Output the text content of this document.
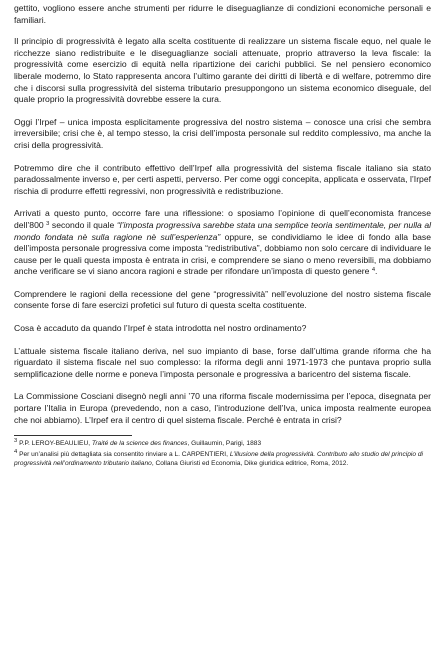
gettito, vogliono essere anche strumenti per ridurre le diseguaglianze di condizioni economiche personali e familiari.

Il principio di progressività è legato alla scelta costituente di realizzare un sistema fiscale equo, nel quale le ricchezze siano redistribuite e le diseguaglianze sociali attenuate, proprio attraverso la leva fiscale: la progressività come esercizio di equità nella ripartizione dei carichi pubblici. Se nel pensiero economico liberale moderno, lo Stato rappresenta ancora l’ultimo garante dei diritti di libertà e di welfare, potremmo dire che i discorsi sulla progressività del sistema tributario presuppongono un sistema economico diseguale, del quale proprio la progressività dovrebbe essere la cura.

Oggi l’Irpef – unica imposta esplicitamente progressiva del nostro sistema – conosce una crisi che sembra irreversibile; crisi che è, al tempo stesso, la crisi dell’imposta personale sul reddito complessivo, ma anche la crisi della progressività.

Potremmo dire che il contributo effettivo dell’Irpef alla progressività del sistema fiscale italiano sia stato paradossalmente inverso e, per certi aspetti, perverso. Per come oggi concepita, applicata e osservata, l’Irpef rischia di produrre effetti regressivi, non progressività e redistribuzione.

Arrivati a questo punto, occorre fare una riflessione: o sposiamo l’opinione di quell’economista francese dell’800 $^3$ secondo il quale “l’imposta progressiva sarebbe stata una semplice teoria sentimentale, per nulla al mondo fondata nè sulla ragione nè sull’esperienza” oppure, se condividiamo le idee di fondo alla base dell’imposta personale progressiva come imposta “redistributiva”, dobbiamo non solo cercare di individuare le cause per le quali questa imposta è entrata in crisi, e comprendere se siano o meno reversibili, ma dobbiamo anche verificare se vi siano ancora ragioni e strade per rifondare un’imposta di questo genere $^4$.

Comprendere le ragioni della recessione del gene “progressività” nell’evoluzione del nostro sistema fiscale consente forse di fare esercizi profetici sul futuro di questa scelta costituente.

Cosa è accaduto da quando l’Irpef è stata introdotta nel nostro ordinamento?

L’attuale sistema fiscale italiano deriva, nel suo impianto di base, forse dall’ultima grande riforma che ha riguardato il sistema fiscale nel suo complesso: la riforma degli anni 1971-1973 che puntava proprio sulla semplificazione delle norme e poneva l’imposta personale e progressiva a baricentro del sistema fiscale.

La Commissione Cosciani disegnò negli anni ’70 una riforma fiscale modernissima per l’epoca, disegnata per portare l’Italia in Europa (prevedendo, non a caso, l’introduzione dell’Iva, unica imposta realmente europea che noi abbiamo). L’Irpef era il centro di quel sistema fiscale. Perché è entrata in crisi?

$^3$ P.P. LEROY-BEAULIEU, Traité de la science des finances, Guillaumin, Parigi, 1883

$^4$ Per un’analisi più dettagliata sia consentito rinviare a L. CARPENTIERI, L’illusione della progressività. Contributo allo studio del principio di progressività nell’ordinamento tributario italiano, Collana Giuristi ed Economia, Dike giuridica editrice, Roma, 2012.
